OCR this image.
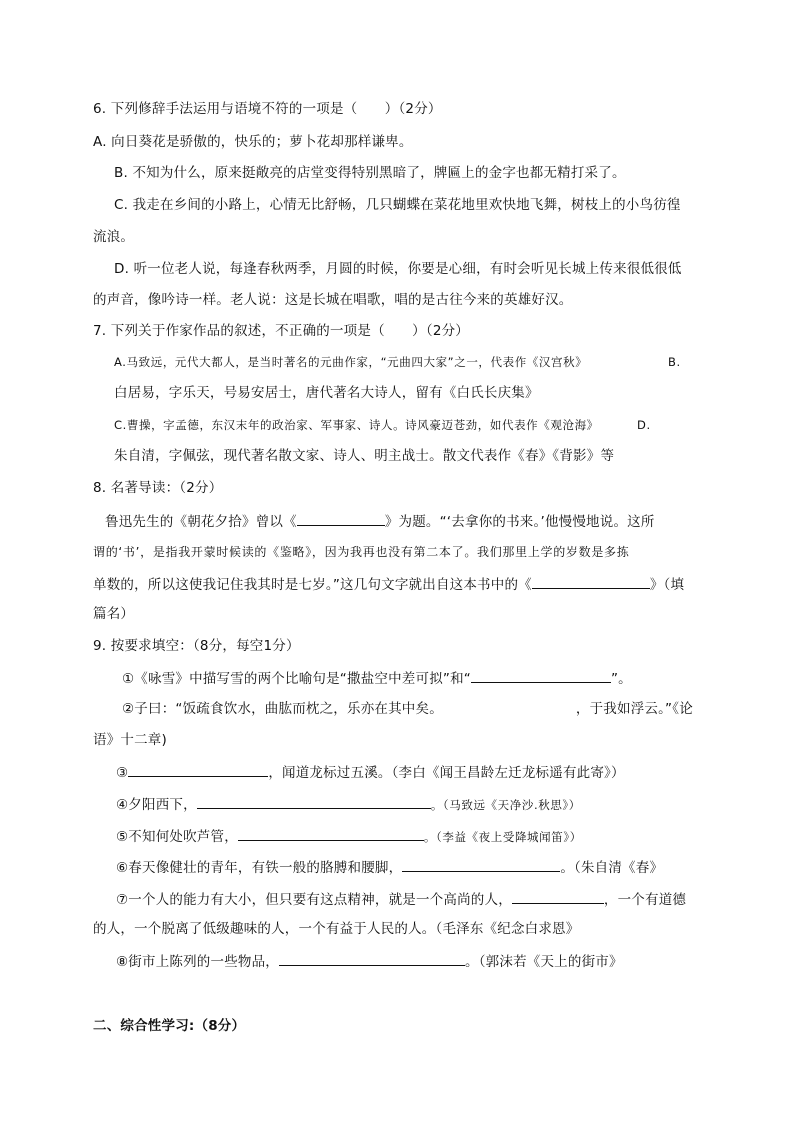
6. 下列修辞手法运用与语境不符的一项是（　　）（2分）
A. 向日葵花是骄傲的，快乐的；萝卜花却那样谦卑。
B. 不知为什么，原来挺敞亮的店堂变得特别黑暗了，牌匾上的金字也都无精打采了。
C. 我走在乡间的小路上，心情无比舒畅，几只蝴蝶在菜花地里欢快地飞舞，树枝上的小鸟彷徨
流浪。
D. 听一位老人说，每逢春秋两季，月圆的时候，你要是心细，有时会听见长城上传来很低很低
的声音，像吟诗一样。老人说：这是长城在唱歌，唱的是古往今来的英雄好汉。
7. 下列关于作家作品的叙述，不正确的一项是（　　）（2分）
A.马致远，元代大都人，是当时著名的元曲作家，“元曲四大家”之一，代表作《汉宫秋》	B.
白居易，字乐天，号易安居士，唐代著名大诗人，留有《白氏长庆集》
C.曹操，字孟德，东汉末年的政治家、军事家、诗人。诗风豪迈苍劲，如代表作《观沧海》	D.
朱自清，字佩弦，现代著名散文家、诗人、明主战士。散文代表作《春》《背影》等
8. 名著导读：（2分）
鲁迅先生的《朝花夕拾》曾以《	》为题。“‘去拿你的书来。’他慢慢地说。这所
谓的‘书’，是指我开蒙时候读的《鉴略》，因为我再也没有第二本了。我们那里上学的岁数是多拣
单数的，所以这使我记住我其时是七岁。”这几句文字就出自这本书中的《	》（填
篇名）
9. 按要求填空：（8分，每空1分）
①《咏雪》中描写雪的两个比喻句是“撒盐空中差可拟”和“	”。
②子曰：“饭疏食饮水，曲肱而枕之，乐亦在其中矣。	，于我如浮云。”《论
语》十二章)
③	，闻道龙标过五溪。（李白《闻王昌龄左迁龙标遥有此寄》）
④夕阳西下，	。（马致远《天净沙.秋思》）
⑤不知何处吹芦管，	。（李益《夜上受降城闻笛》）
⑥春天像健壮的青年，有铁一般的胳膊和腰脚，	。（朱自清《春》
⑦一个人的能力有大小，但只要有这点精神，就是一个高尚的人，	，一个有道德
的人，一个脱离了低级趣味的人，一个有益于人民的人。（毛泽东《纪念白求恩》
⑧街市上陈列的一些物品，	。（郭沫若《天上的街市》
二、综合性学习:（8分）
